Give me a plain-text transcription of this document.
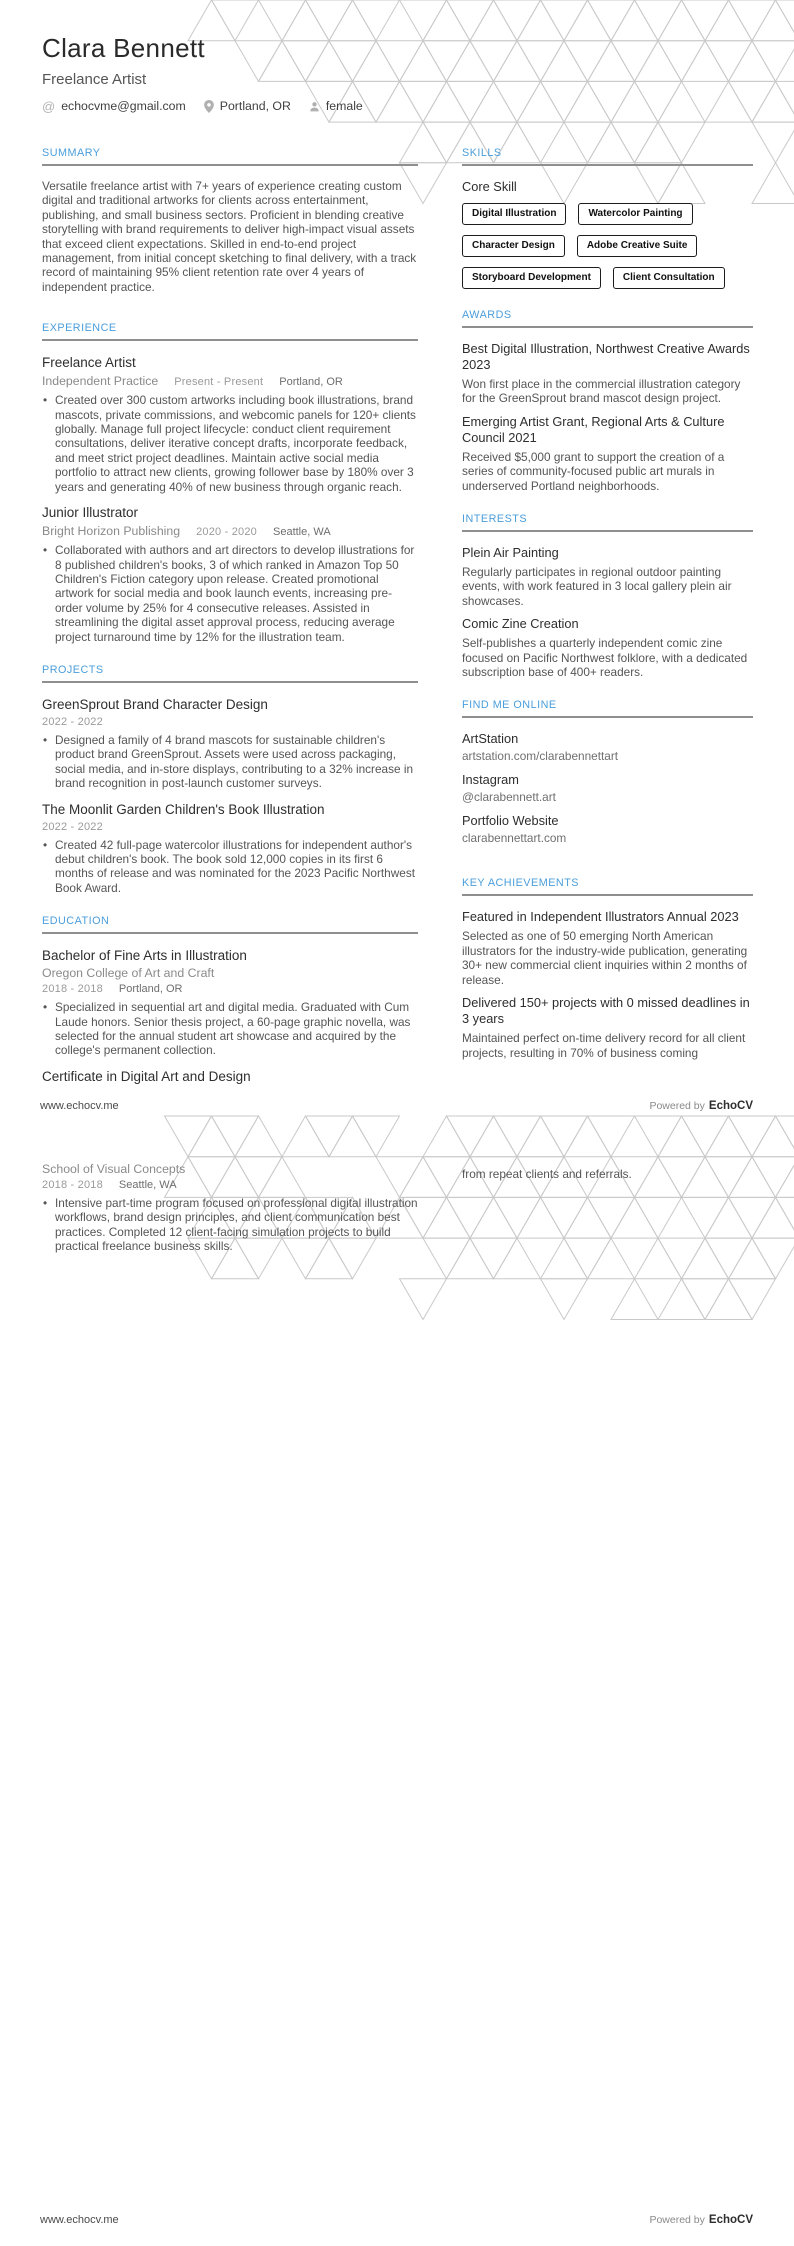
Clara Bennett
Freelance Artist
@ echocvme@gmail.com	Portland, OR	female
SUMMARY
Versatile freelance artist with 7+ years of experience creating custom digital and traditional artworks for clients across entertainment, publishing, and small business sectors. Proficient in blending creative storytelling with brand requirements to deliver high-impact visual assets that exceed client expectations. Skilled in end-to-end project management, from initial concept sketching to final delivery, with a track record of maintaining 95% client retention rate over 4 years of independent practice.
EXPERIENCE
Freelance Artist
Independent Practice Present - Present Portland, OR
• Created over 300 custom artworks including book illustrations, brand mascots, private commissions, and webcomic panels for 120+ clients globally. Manage full project lifecycle: conduct client requirement consultations, deliver iterative concept drafts, incorporate feedback, and meet strict project deadlines. Maintain active social media portfolio to attract new clients, growing follower base by 180% over 3 years and generating 40% of new business through organic reach.
Junior Illustrator
Bright Horizon Publishing 2020 - 2020 Seattle, WA
• Collaborated with authors and art directors to develop illustrations for 8 published children's books, 3 of which ranked in Amazon Top 50 Children's Fiction category upon release. Created promotional artwork for social media and book launch events, increasing pre-order volume by 25% for 4 consecutive releases. Assisted in streamlining the digital asset approval process, reducing average project turnaround time by 12% for the illustration team.
PROJECTS
GreenSprout Brand Character Design
2022 - 2022
• Designed a family of 4 brand mascots for sustainable children's product brand GreenSprout. Assets were used across packaging, social media, and in-store displays, contributing to a 32% increase in brand recognition in post-launch customer surveys.
The Moonlit Garden Children's Book Illustration
2022 - 2022
• Created 42 full-page watercolor illustrations for independent author's debut children's book. The book sold 12,000 copies in its first 6 months of release and was nominated for the 2023 Pacific Northwest Book Award.
EDUCATION
Bachelor of Fine Arts in Illustration
Oregon College of Art and Craft
2018 - 2018 Portland, OR
• Specialized in sequential art and digital media. Graduated with Cum Laude honors. Senior thesis project, a 60-page graphic novella, was selected for the annual student art showcase and acquired by the college's permanent collection.
Certificate in Digital Art and Design
SKILLS
Core Skill
Digital Illustration	Watercolor Painting
Character Design	Adobe Creative Suite
Storyboard Development	Client Consultation
AWARDS
Best Digital Illustration, Northwest Creative Awards 2023
Won first place in the commercial illustration category for the GreenSprout brand mascot design project.
Emerging Artist Grant, Regional Arts & Culture Council 2021
Received $5,000 grant to support the creation of a series of community-focused public art murals in underserved Portland neighborhoods.
INTERESTS
Plein Air Painting
Regularly participates in regional outdoor painting events, with work featured in 3 local gallery plein air showcases.
Comic Zine Creation
Self-publishes a quarterly independent comic zine focused on Pacific Northwest folklore, with a dedicated subscription base of 400+ readers.
FIND ME ONLINE
ArtStation
artstation.com/clarabennettart
Instagram
@clarabennett.art
Portfolio Website
clarabennettart.com
KEY ACHIEVEMENTS
Featured in Independent Illustrators Annual 2023
Selected as one of 50 emerging North American illustrators for the industry-wide publication, generating 30+ new commercial client inquiries within 2 months of release.
Delivered 150+ projects with 0 missed deadlines in 3 years
Maintained perfect on-time delivery record for all client projects, resulting in 70% of business coming
www.echocv.me	Powered by EchoCV
School of Visual Concepts
2018 - 2018 Seattle, WA
• Intensive part-time program focused on professional digital illustration workflows, brand design principles, and client communication best practices. Completed 12 client-facing simulation projects to build practical freelance business skills.
from repeat clients and referrals.
www.echocv.me	Powered by EchoCV
